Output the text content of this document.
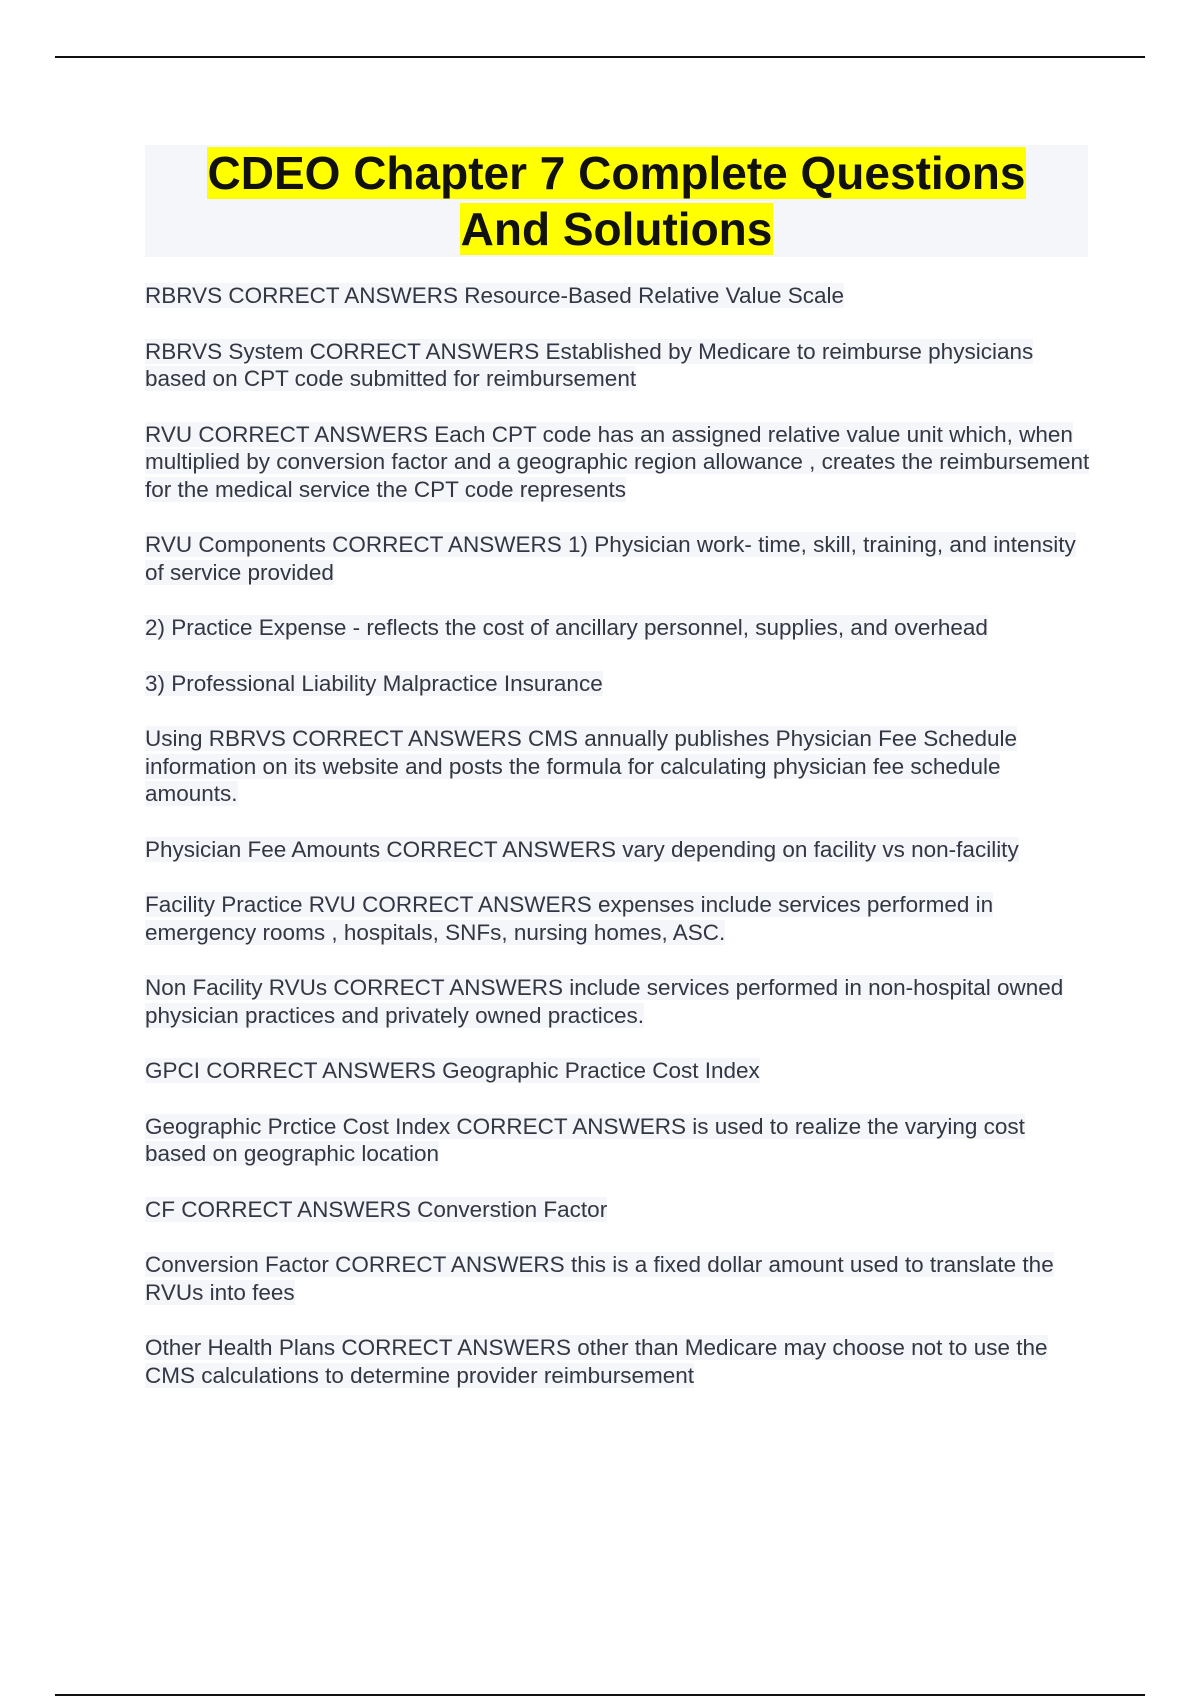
CDEO Chapter 7 Complete Questions
And Solutions

RBRVS CORRECT ANSWERS Resource-Based Relative Value Scale

RBRVS System CORRECT ANSWERS Established by Medicare to reimburse physicians based on CPT code submitted for reimbursement

RVU CORRECT ANSWERS Each CPT code has an assigned relative value unit which, when multiplied by conversion factor and a geographic region allowance , creates the reimbursement for the medical service the CPT code represents

RVU Components CORRECT ANSWERS 1) Physician work- time, skill, training, and intensity of service provided

2) Practice Expense - reflects the cost of ancillary personnel, supplies, and overhead

3) Professional Liability Malpractice Insurance

Using RBRVS CORRECT ANSWERS CMS annually publishes Physician Fee Schedule information on its website and posts the formula for calculating physician fee schedule amounts.

Physician Fee Amounts CORRECT ANSWERS vary depending on facility vs non-facility

Facility Practice RVU CORRECT ANSWERS expenses include services performed in emergency rooms , hospitals, SNFs, nursing homes, ASC.

Non Facility RVUs CORRECT ANSWERS include services performed in non-hospital owned physician practices and privately owned practices.

GPCI CORRECT ANSWERS Geographic Practice Cost Index

Geographic Prctice Cost Index CORRECT ANSWERS is used to realize the varying cost based on geographic location

CF CORRECT ANSWERS Converstion Factor

Conversion Factor CORRECT ANSWERS this is a fixed dollar amount used to translate the RVUs into fees

Other Health Plans CORRECT ANSWERS other than Medicare may choose not to use the CMS calculations to determine provider reimbursement
